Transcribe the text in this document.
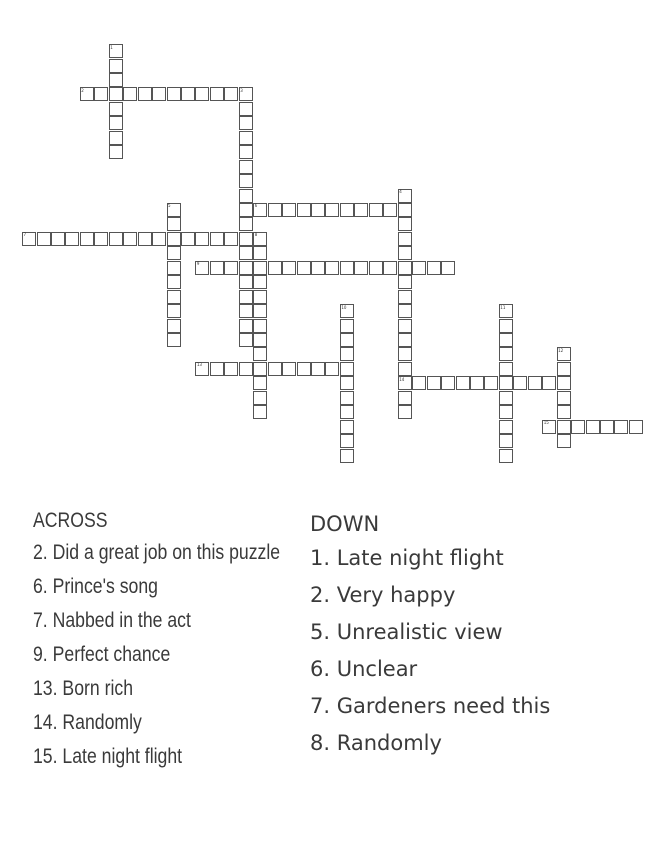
1
2	3
4
5	6
7	8
9
10	11
12
13
14
15
ACROSS
2. Did a great job on this puzzle
6. Prince's song
7. Nabbed in the act
9. Perfect chance
13. Born rich
14. Randomly
15. Late night flight
DOWN
1. Late night flight
2. Very happy
5. Unrealistic view
6. Unclear
7. Gardeners need this
8. Randomly
